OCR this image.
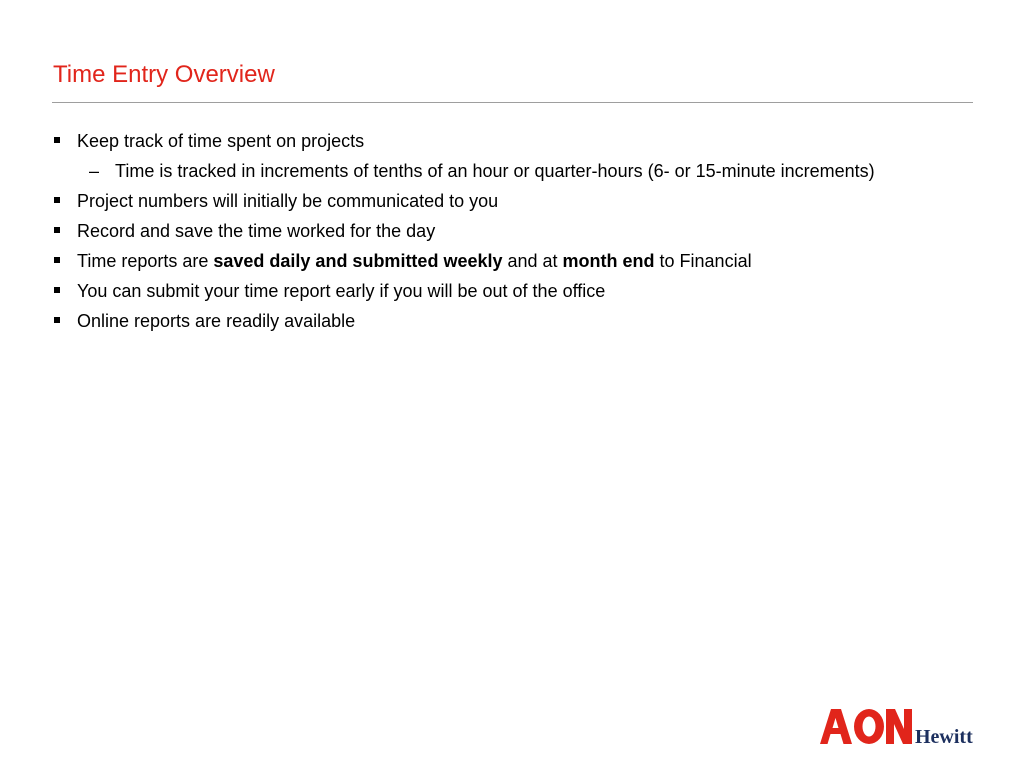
Time Entry Overview
Keep track of time spent on projects
– Time is tracked in increments of tenths of an hour or quarter-hours (6- or 15-minute increments)
Project numbers will initially be communicated to you
Record and save the time worked for the day
Time reports are saved daily and submitted weekly and at month end to Financial
You can submit your time report early if you will be out of the office
Online reports are readily available
Hewitt
